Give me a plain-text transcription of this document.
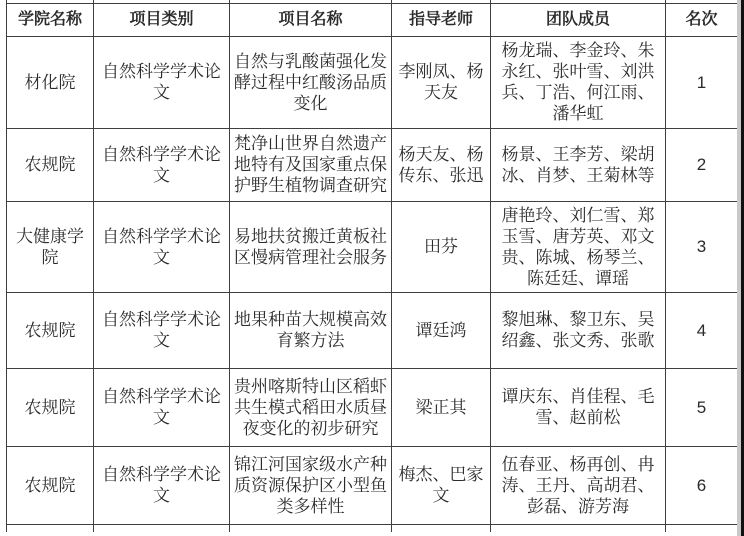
学院名称	项目类别	项目名称	指导老师	团队成员	名次
材化院	自然科学学术论文	自然与乳酸菌强化发酵过程中红酸汤品质变化	李刚凤、杨天友	杨龙瑞、李金玲、朱永红、张叶雪、刘洪兵、丁浩、何江雨、潘华虹	1
农规院	自然科学学术论文	梵净山世界自然遗产地特有及国家重点保护野生植物调查研究	杨天友、杨传东、张迅	杨景、王李芳、梁胡冰、肖梦、王菊林等	2
大健康学院	自然科学学术论文	易地扶贫搬迁黄板社区慢病管理社会服务	田芬	唐艳玲、刘仁雪、郑玉雪、唐芳英、邓文贵、陈城、杨琴兰、陈廷廷、谭瑶	3
农规院	自然科学学术论文	地果种苗大规模高效育繁方法	谭廷鸿	黎旭琳、黎卫东、吴绍鑫、张文秀、张歌	4
农规院	自然科学学术论文	贵州喀斯特山区稻虾共生模式稻田水质昼夜变化的初步研究	梁正其	谭庆东、肖佳程、毛雪、赵前松	5
农规院	自然科学学术论文	锦江河国家级水产种质资源保护区小型鱼类多样性	梅杰、巴家文	伍春亚、杨再创、冉涛、王丹、高胡君、彭磊、游芳海	6
